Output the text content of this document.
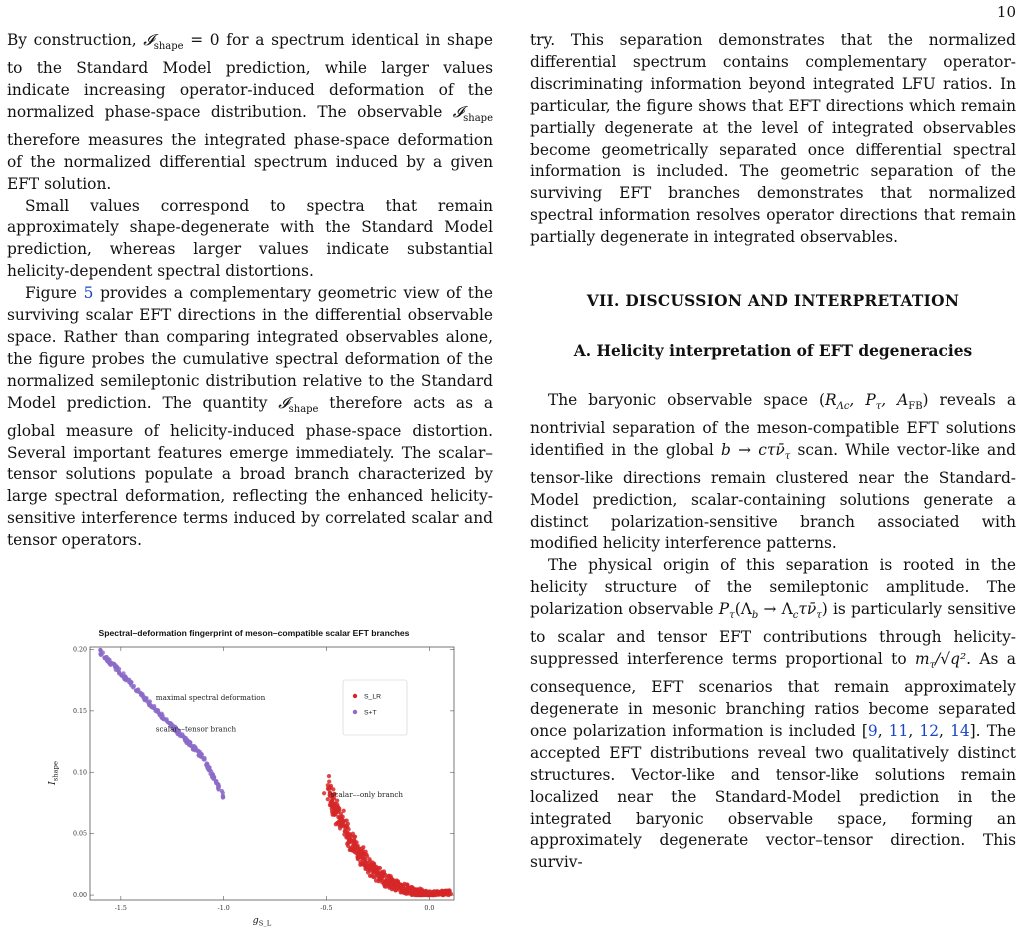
10

By construction, 𝓘$_{shape}$ = 0 for a spectrum identical in shape to the Standard Model prediction, while larger values indicate increasing operator-induced deformation of the normalized phase-space distribution. The observable 𝓘$_{shape}$ therefore measures the integrated phase-space deformation of the normalized differential spectrum induced by a given EFT solution.

Small values correspond to spectra that remain approximately shape-degenerate with the Standard Model prediction, whereas larger values indicate substantial helicity-dependent spectral distortions.

Figure 5 provides a complementary geometric view of the surviving scalar EFT directions in the differential observable space. Rather than comparing integrated observables alone, the figure probes the cumulative spectral deformation of the normalized semileptonic distribution relative to the Standard Model prediction. The quantity 𝓘$_{shape}$ therefore acts as a global measure of helicity-induced phase-space distortion. Several important features emerge immediately. The scalar–tensor solutions populate a broad branch characterized by large spectral deformation, reflecting the enhanced helicity-sensitive interference terms induced by correlated scalar and tensor operators.

Spectral–deformation fingerprint of meson–compatible scalar EFT branches
-1.5	-1.0	-0.5	0.0
0.00
0.05
0.10
0.15
0.20
maximal spectral deformation
scalar––tensor branch
scalar––only branch
S_LR
S+T
$g_{S\_L}$
𝐼$_{shape}$

try. This separation demonstrates that the normalized differential spectrum contains complementary operator-discriminating information beyond integrated LFU ratios. In particular, the figure shows that EFT directions which remain partially degenerate at the level of integrated observables become geometrically separated once differential spectral information is included. The geometric separation of the surviving EFT branches demonstrates that normalized spectral information resolves operator directions that remain partially degenerate in integrated observables.

VII. DISCUSSION AND INTERPRETATION

A. Helicity interpretation of EFT degeneracies

The baryonic observable space ($R_{\Lambda c}$, $P_\tau$, $A_{FB}$) reveals a nontrivial separation of the meson-compatible EFT solutions identified in the global $b \to c\tau\nū_\tau$ scan. While vector-like and tensor-like directions remain clustered near the Standard-Model prediction, scalar-containing solutions generate a distinct polarization-sensitive branch associated with modified helicity interference patterns.

The physical origin of this separation is rooted in the helicity structure of the semileptonic amplitude. The polarization observable $P_\tau(\Lambda_b$ → $\Lambda_c\tau\nū_\tau$) is particularly sensitive to scalar and tensor EFT contributions through helicity-suppressed interference terms proportional to $m_\tau/√q^2$. As a consequence, EFT scenarios that remain approximately degenerate in mesonic branching ratios become separated once polarization information is included [9, 11, 12, 14]. The accepted EFT distributions reveal two qualitatively distinct structures. Vector-like and tensor-like solutions remain localized near the Standard-Model prediction in the integrated baryonic observable space, forming an approximately degenerate vector–tensor direction. This surviv-
